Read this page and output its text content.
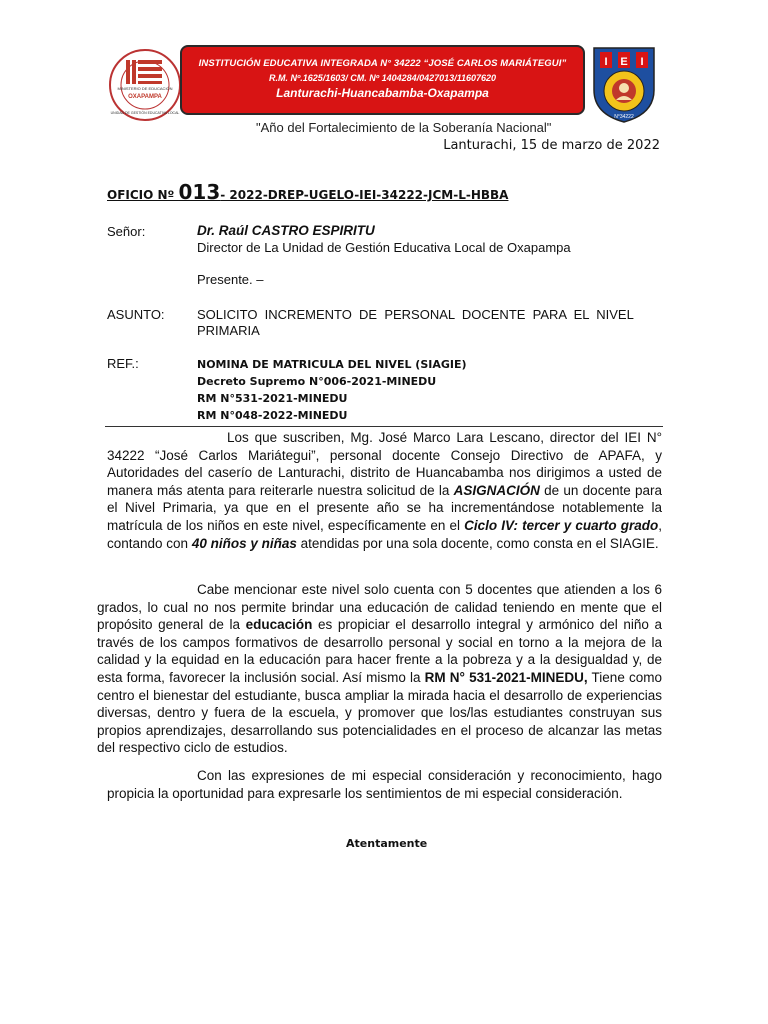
MINISTERIO DE EDUCACIÓN
OXAPAMPA
UNIDAD DE GESTIÓN EDUCATIVA LOCAL
INSTITUCIÓN EDUCATIVA INTEGRADA N° 34222 “JOSÉ CARLOS MARIÁTEGUI”
R.M. Nº.1625/1603/ CM. Nº 1404284/0427013/11607620
Lanturachi-Huancabamba-Oxapampa
I E I
N°34222
"Año del Fortalecimiento de la Soberanía Nacional"
Lanturachi, 15 de marzo de 2022
OFICIO Nº 013- 2022-DREP-UGELO-IEI-34222-JCM-L-HBBA
Señor:	Dr. Raúl CASTRO ESPIRITU
Director de La Unidad de Gestión Educativa Local de Oxapampa
Presente. –
ASUNTO: SOLICITO  INCREMENTO  DE  PERSONAL  DOCENTE  PARA  EL  NIVEL
PRIMARIA
REF.:	NOMINA DE MATRICULA DEL NIVEL (SIAGIE)
Decreto Supremo N°006-2021-MINEDU
RM N°531-2021-MINEDU
RM N°048-2022-MINEDU
Los que suscriben, Mg. José Marco Lara Lescano, director del IEI N° 34222 “José Carlos Mariátegui”, personal docente Consejo Directivo de APAFA, y Autoridades del caserío de Lanturachi, distrito de Huancabamba nos dirigimos a usted de manera más atenta para reiterarle nuestra solicitud de la ASIGNACIÓN de un docente para el Nivel Primaria, ya que en el presente año se ha incrementándose notablemente la matrícula de los niños en este nivel, específicamente en el Ciclo IV: tercer y cuarto grado, contando con 40 niños y niñas atendidas por una sola docente, como consta en el SIAGIE.
Cabe mencionar este nivel solo cuenta con 5 docentes que atienden a los 6 grados, lo cual no nos permite brindar una educación de calidad teniendo en mente que el propósito general de la educación es propiciar el desarrollo integral y armónico del niño a través de los campos formativos de desarrollo personal y social en torno a la mejora de la calidad y la equidad en la educación para hacer frente a la pobreza y a la desigualdad y, de esta forma, favorecer la inclusión social. Así mismo la RM N° 531-2021-MINEDU, Tiene como centro el bienestar del estudiante, busca ampliar la mirada hacia el desarrollo de experiencias diversas, dentro y fuera de la escuela, y promover que los/las estudiantes construyan sus propios aprendizajes, desarrollando sus potencialidades en el proceso de alcanzar las metas del respectivo ciclo de estudios.
Con las expresiones de mi especial consideración y reconocimiento, hago propicia la oportunidad para expresarle los sentimientos de mi especial consideración.
Atentamente
